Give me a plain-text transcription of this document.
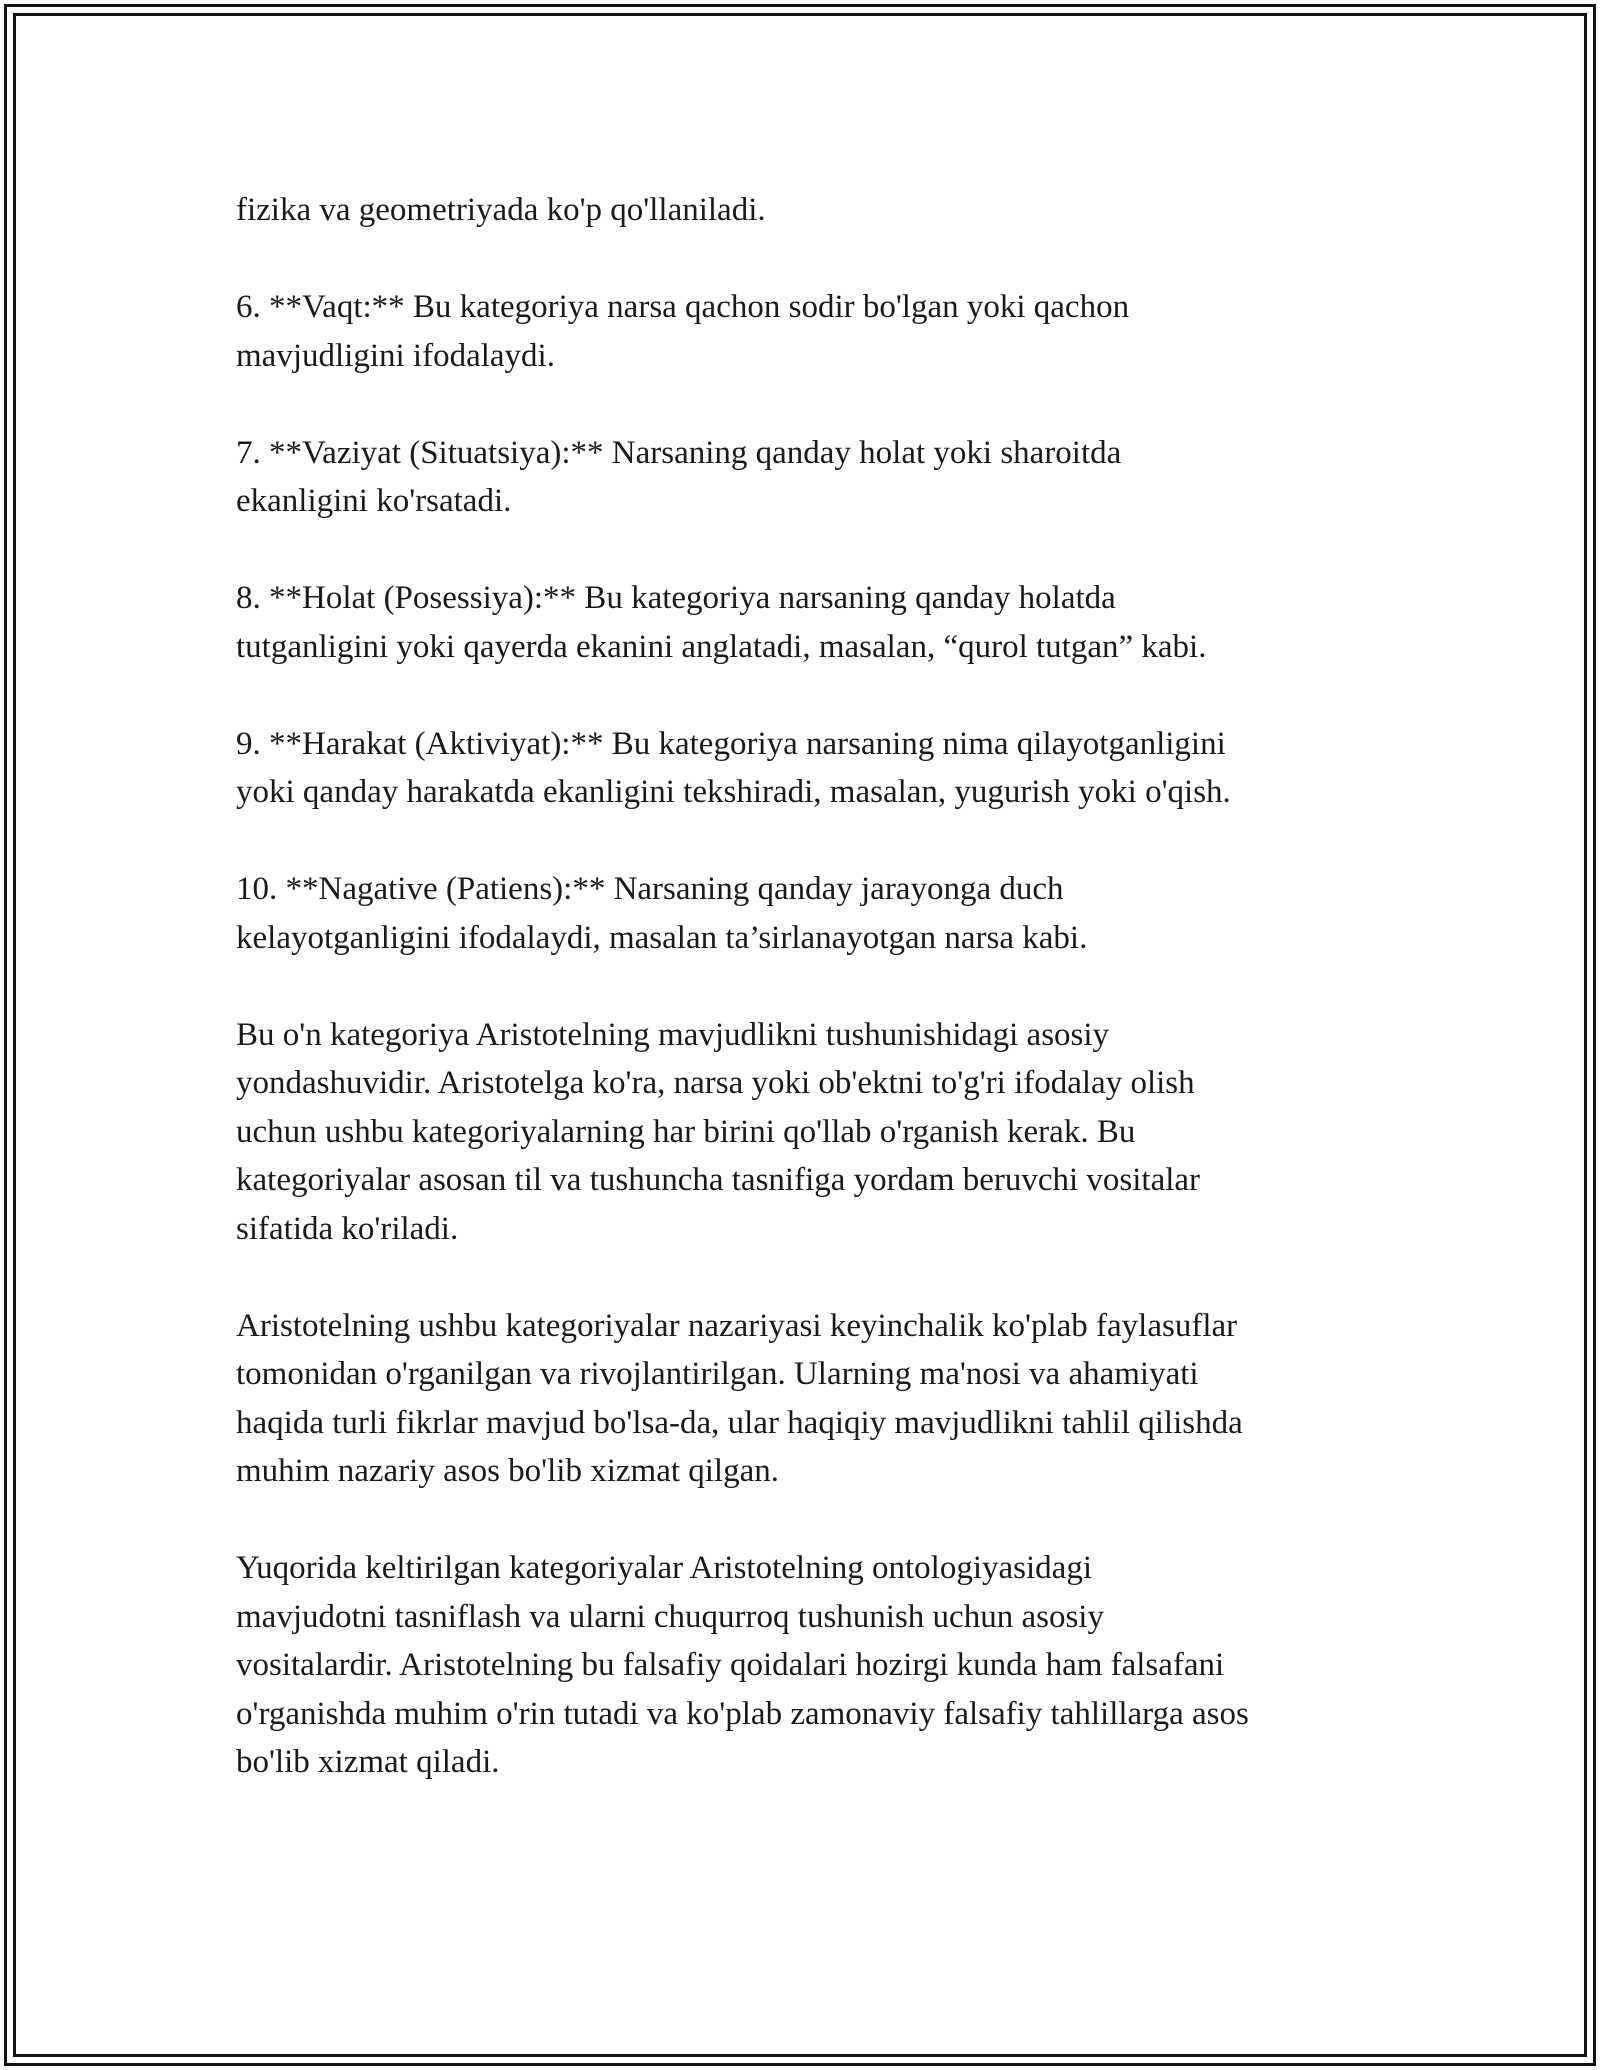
fizika va geometriyada ko'p qo'llaniladi.

6. **Vaqt:** Bu kategoriya narsa qachon sodir bo'lgan yoki qachon
mavjudligini ifodalaydi.

7. **Vaziyat (Situatsiya):** Narsaning qanday holat yoki sharoitda
ekanligini ko'rsatadi.

8. **Holat (Posessiya):** Bu kategoriya narsaning qanday holatda
tutganligini yoki qayerda ekanini anglatadi, masalan, “qurol tutgan” kabi.

9. **Harakat (Aktiviyat):** Bu kategoriya narsaning nima qilayotganligini
yoki qanday harakatda ekanligini tekshiradi, masalan, yugurish yoki o'qish.

10. **Nagative (Patiens):** Narsaning qanday jarayonga duch
kelayotganligini ifodalaydi, masalan ta’sirlanayotgan narsa kabi.

Bu o'n kategoriya Aristotelning mavjudlikni tushunishidagi asosiy
yondashuvidir. Aristotelga ko'ra, narsa yoki ob'ektni to'g'ri ifodalay olish
uchun ushbu kategoriyalarning har birini qo'llab o'rganish kerak. Bu
kategoriyalar asosan til va tushuncha tasnifiga yordam beruvchi vositalar
sifatida ko'riladi.

Aristotelning ushbu kategoriyalar nazariyasi keyinchalik ko'plab faylasuflar
tomonidan o'rganilgan va rivojlantirilgan. Ularning ma'nosi va ahamiyati
haqida turli fikrlar mavjud bo'lsa-da, ular haqiqiy mavjudlikni tahlil qilishda
muhim nazariy asos bo'lib xizmat qilgan.

Yuqorida keltirilgan kategoriyalar Aristotelning ontologiyasidagi
mavjudotni tasniflash va ularni chuqurroq tushunish uchun asosiy
vositalardir. Aristotelning bu falsafiy qoidalari hozirgi kunda ham falsafani
o'rganishda muhim o'rin tutadi va ko'plab zamonaviy falsafiy tahlillarga asos
bo'lib xizmat qiladi.
